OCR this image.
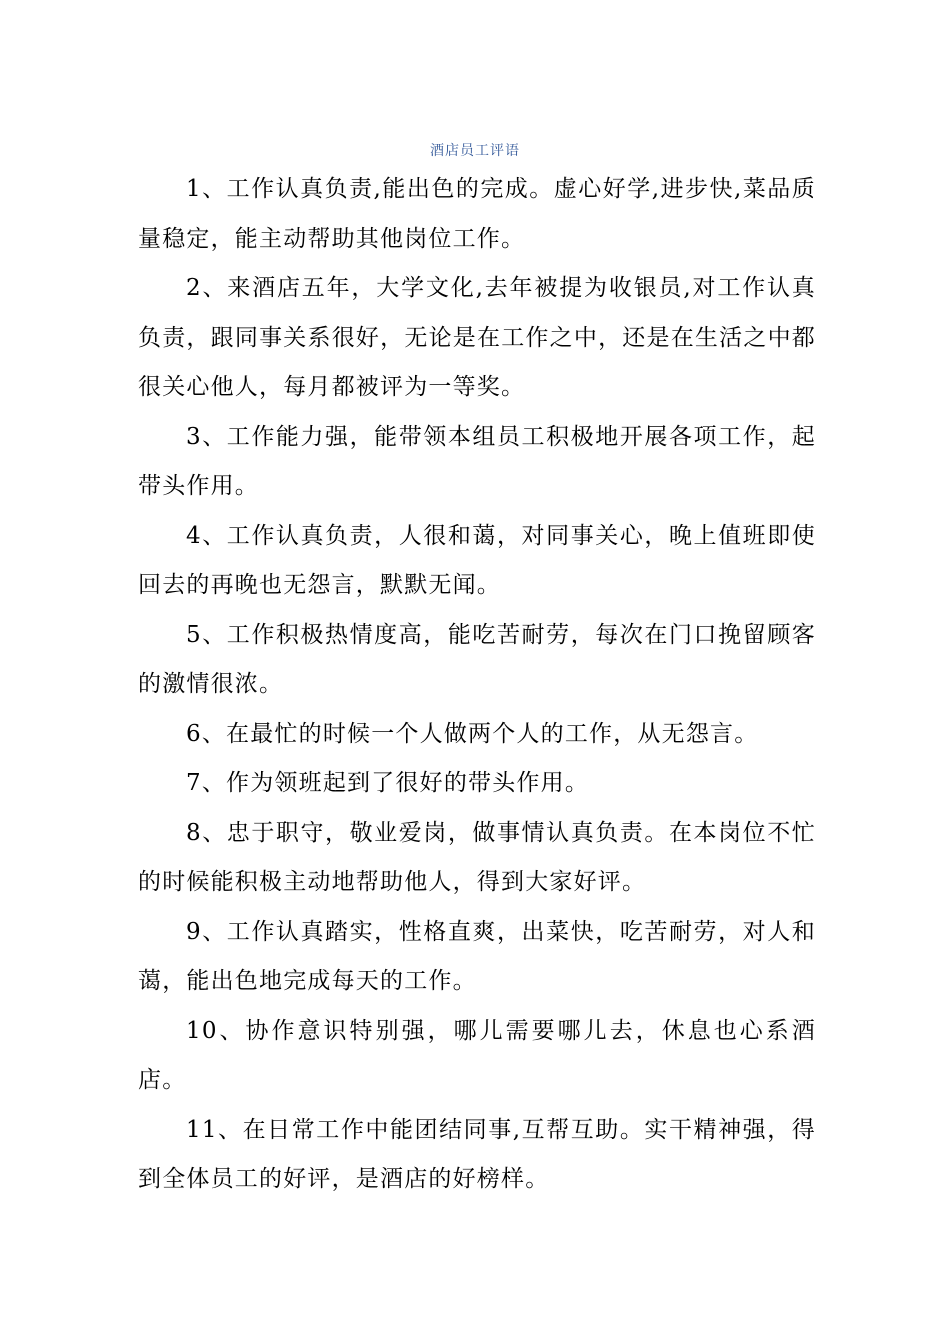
酒店员工评语

1、工作认真负责,能出色的完成。虚心好学,进步快,菜品质量稳定，能主动帮助其他岗位工作。

2、来酒店五年，大学文化,去年被提为收银员,对工作认真负责，跟同事关系很好，无论是在工作之中，还是在生活之中都很关心他人，每月都被评为一等奖。

3、工作能力强，能带领本组员工积极地开展各项工作，起带头作用。

4、工作认真负责，人很和蔼，对同事关心，晚上值班即使回去的再晚也无怨言，默默无闻。

5、工作积极热情度高，能吃苦耐劳，每次在门口挽留顾客的激情很浓。

6、在最忙的时候一个人做两个人的工作，从无怨言。

7、作为领班起到了很好的带头作用。

8、忠于职守，敬业爱岗，做事情认真负责。在本岗位不忙的时候能积极主动地帮助他人，得到大家好评。

9、工作认真踏实，性格直爽，出菜快，吃苦耐劳，对人和蔼，能出色地完成每天的工作。

10、协作意识特别强，哪儿需要哪儿去，休息也心系酒店。

11、在日常工作中能团结同事,互帮互助。实干精神强，得到全体员工的好评，是酒店的好榜样。
